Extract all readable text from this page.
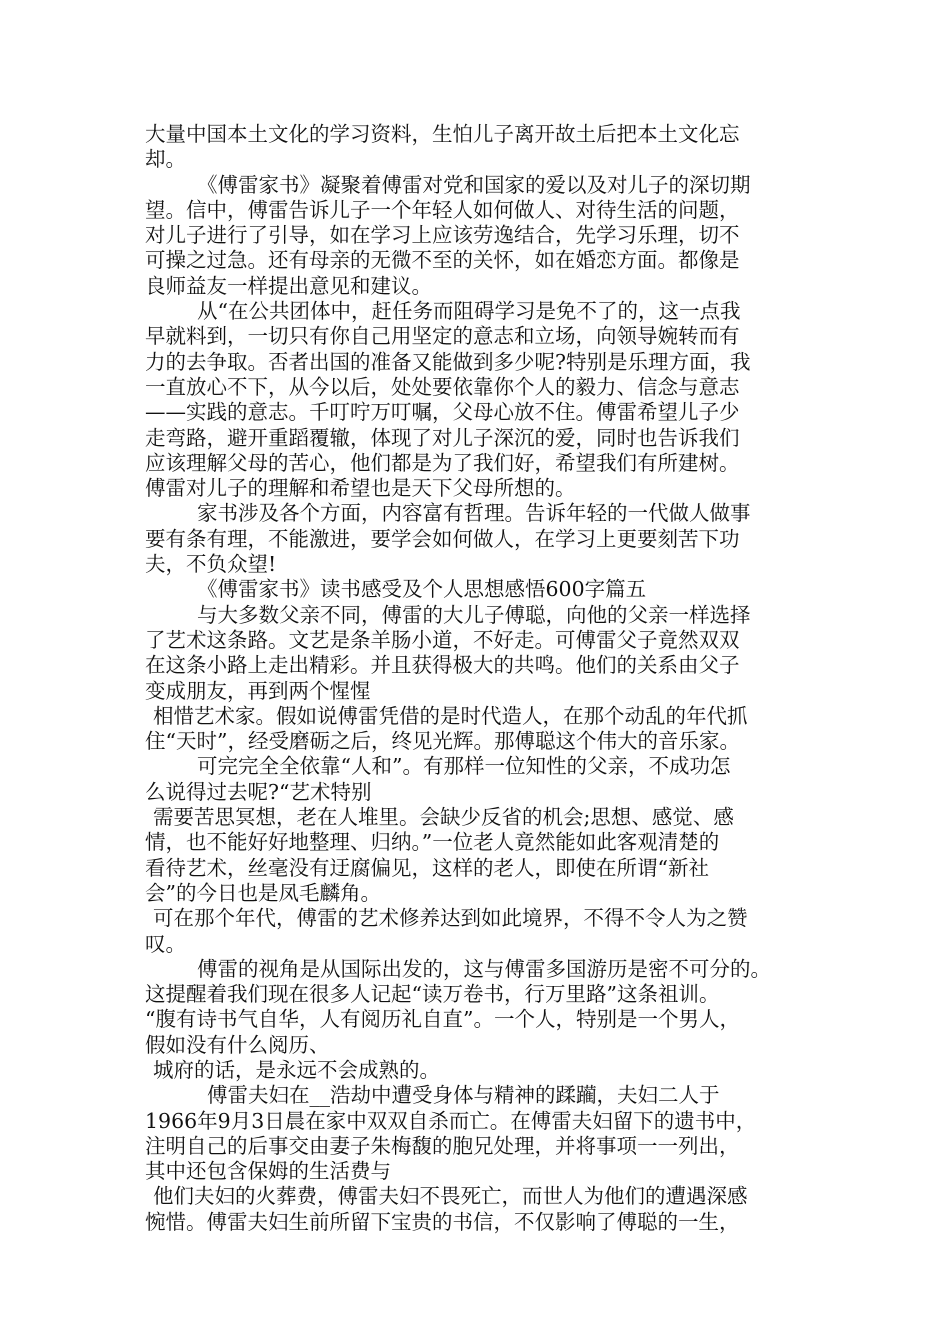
大量中国本土文化的学习资料，生怕儿子离开故土后把本土文化忘
却。
《傅雷家书》凝聚着傅雷对党和国家的爱以及对儿子的深切期
望。信中，傅雷告诉儿子一个年轻人如何做人、对待生活的问题，
对儿子进行了引导，如在学习上应该劳逸结合，先学习乐理，切不
可操之过急。还有母亲的无微不至的关怀，如在婚恋方面。都像是
良师益友一样提出意见和建议。
从“在公共团体中，赶任务而阻碍学习是免不了的，这一点我
早就料到，一切只有你自己用坚定的意志和立场，向领导婉转而有
力的去争取。否者出国的准备又能做到多少呢?特别是乐理方面，我
一直放心不下，从今以后，处处要依靠你个人的毅力、信念与意志
——实践的意志。千叮咛万叮嘱，父母心放不住。傅雷希望儿子少
走弯路，避开重蹈覆辙，体现了对儿子深沉的爱，同时也告诉我们
应该理解父母的苦心，他们都是为了我们好，希望我们有所建树。
傅雷对儿子的理解和希望也是天下父母所想的。
家书涉及各个方面，内容富有哲理。告诉年轻的一代做人做事
要有条有理，不能激进，要学会如何做人，在学习上更要刻苦下功
夫，不负众望!
《傅雷家书》读书感受及个人思想感悟600字篇五
与大多数父亲不同，傅雷的大儿子傅聪，向他的父亲一样选择
了艺术这条路。文艺是条羊肠小道，不好走。可傅雷父子竟然双双
在这条小路上走出精彩。并且获得极大的共鸣。他们的关系由父子
变成朋友，再到两个惺惺
相惜艺术家。假如说傅雷凭借的是时代造人，在那个动乱的年代抓
住“天时”，经受磨砺之后，终见光辉。那傅聪这个伟大的音乐家。
可完完全全依靠“人和”。有那样一位知性的父亲，不成功怎
么说得过去呢?“艺术特别
需要苦思冥想，老在人堆里。会缺少反省的机会;思想、感觉、感
情，也不能好好地整理、归纳。”一位老人竟然能如此客观清楚的
看待艺术，丝毫没有迂腐偏见，这样的老人，即使在所谓“新社
会”的今日也是凤毛麟角。
可在那个年代，傅雷的艺术修养达到如此境界，不得不令人为之赞
叹。
傅雷的视角是从国际出发的，这与傅雷多国游历是密不可分的。
这提醒着我们现在很多人记起“读万卷书，行万里路”这条祖训。
“腹有诗书气自华，人有阅历礼自直”。一个人，特别是一个男人，
假如没有什么阅历、
城府的话，是永远不会成熟的。
傅雷夫妇在__浩劫中遭受身体与精神的蹂躏，夫妇二人于
1966年9月3日晨在家中双双自杀而亡。在傅雷夫妇留下的遗书中，
注明自己的后事交由妻子朱梅馥的胞兄处理，并将事项一一列出，
其中还包含保姆的生活费与
他们夫妇的火葬费，傅雷夫妇不畏死亡，而世人为他们的遭遇深感
惋惜。傅雷夫妇生前所留下宝贵的书信，不仅影响了傅聪的一生，
